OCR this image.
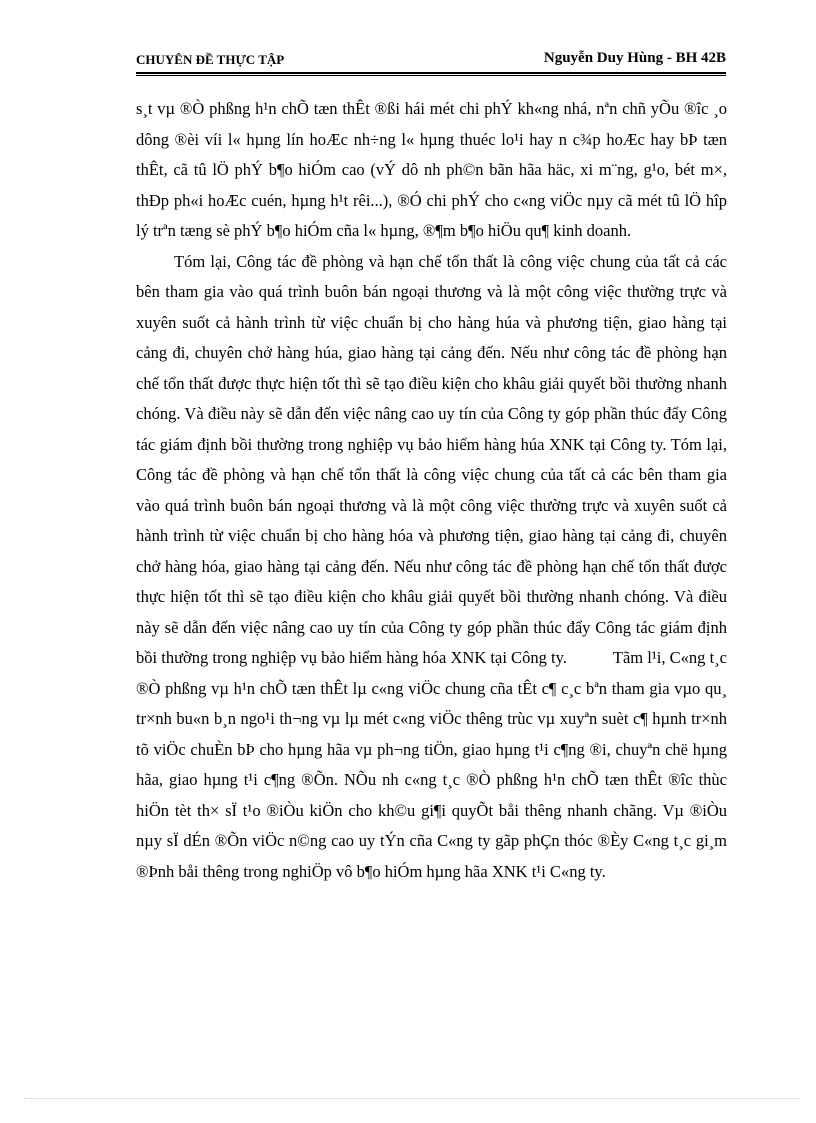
CHUYÊN ĐỀ THỰC TẬP	Nguyễn Duy Hùng - BH 42B

s¸t vµ ®Ò phßng h¹n chÕ tæn thÊt ®ßi hái mét chi phÝ kh«ng nhá, nªn chñ yÕu ®îc ¸o dông ®èi víi l« hµng lín hoÆc nh÷ng l« hµng thuéc lo¹i hay n c¾p hoÆc hay bÞ tæn thÊt, cã tû lÖ phÝ b¶o hiÓm cao (vÝ dô nh ph©n bãn hãa häc, xi m¨ng, g¹o, bét m×, thÐp ph«i hoÆc cuén, hµng h¹t rêi...), ®Ó chi phÝ cho c«ng viÖc nµy cã mét tû lÖ hîp lý trªn tæng sè phÝ b¶o hiÓm cña l« hµng, ®¶m b¶o hiÖu qu¶ kinh doanh.

Tóm lại, Công tác đề phòng và hạn chế tổn thất là công việc chung của tất cả các bên tham gia vào quá trình buôn bán ngoại thương và là một công việc thường trực và xuyên suốt cả hành trình từ việc chuẩn bị cho hàng húa và phương tiện, giao hàng tại cảng đi, chuyên chở hàng húa, giao hàng tại cảng đến. Nếu như công tác đề phòng hạn chế tổn thất được thực hiện tốt thì sẽ tạo điều kiện cho khâu giải quyết bồi thường nhanh chóng. Và điều này sẽ dẫn đến việc nâng cao uy tín của Công ty góp phần thúc đẩy Công tác giám định bồi thường trong nghiệp vụ bảo hiểm hàng húa XNK tại Công ty. Tóm lại, Công tác đề phòng và hạn chế tổn thất là công việc chung của tất cả các bên tham gia vào quá trình buôn bán ngoại thương và là một công việc thường trực và xuyên suốt cả hành trình từ việc chuẩn bị cho hàng hóa và phương tiện, giao hàng tại cảng đi, chuyên chở hàng hóa, giao hàng tại cảng đến. Nếu như công tác đề phòng hạn chế tổn thất được thực hiện tốt thì sẽ tạo điều kiện cho khâu giải quyết bồi thường nhanh chóng. Và điều này sẽ dẫn đến việc nâng cao uy tín của Công ty góp phần thúc đẩy Công tác giám định bồi thường trong nghiệp vụ bảo hiểm hàng hóa XNK tại Công ty.	Tãm l¹i, C«ng t¸c ®Ò phßng vµ h¹n chÕ tæn thÊt lµ c«ng viÖc chung cña tÊt c¶ c¸c bªn tham gia vµo qu¸ tr×nh bu«n b¸n ngo¹i th¬ng vµ lµ mét c«ng viÖc thêng trùc vµ xuyªn suèt c¶ hµnh tr×nh tõ viÖc chuÈn bÞ cho hµng hãa vµ ph¬ng tiÖn, giao hµng t¹i c¶ng ®i, chuyªn chë hµng hãa, giao hµng t¹i c¶ng ®Õn. NÕu nh c«ng t¸c ®Ò phßng h¹n chÕ tæn thÊt ®îc thùc hiÖn tèt th× sÏ t¹o ®iÒu kiÖn cho kh©u gi¶i quyÕt båi thêng nhanh chãng. Vµ ®iÒu nµy sÏ dÉn ®Õn viÖc n©ng cao uy tÝn cña C«ng ty gãp phÇn thóc ®Èy C«ng t¸c gi¸m ®Þnh båi thêng trong nghiÖp vô b¶o hiÓm hµng hãa XNK t¹i C«ng ty.
